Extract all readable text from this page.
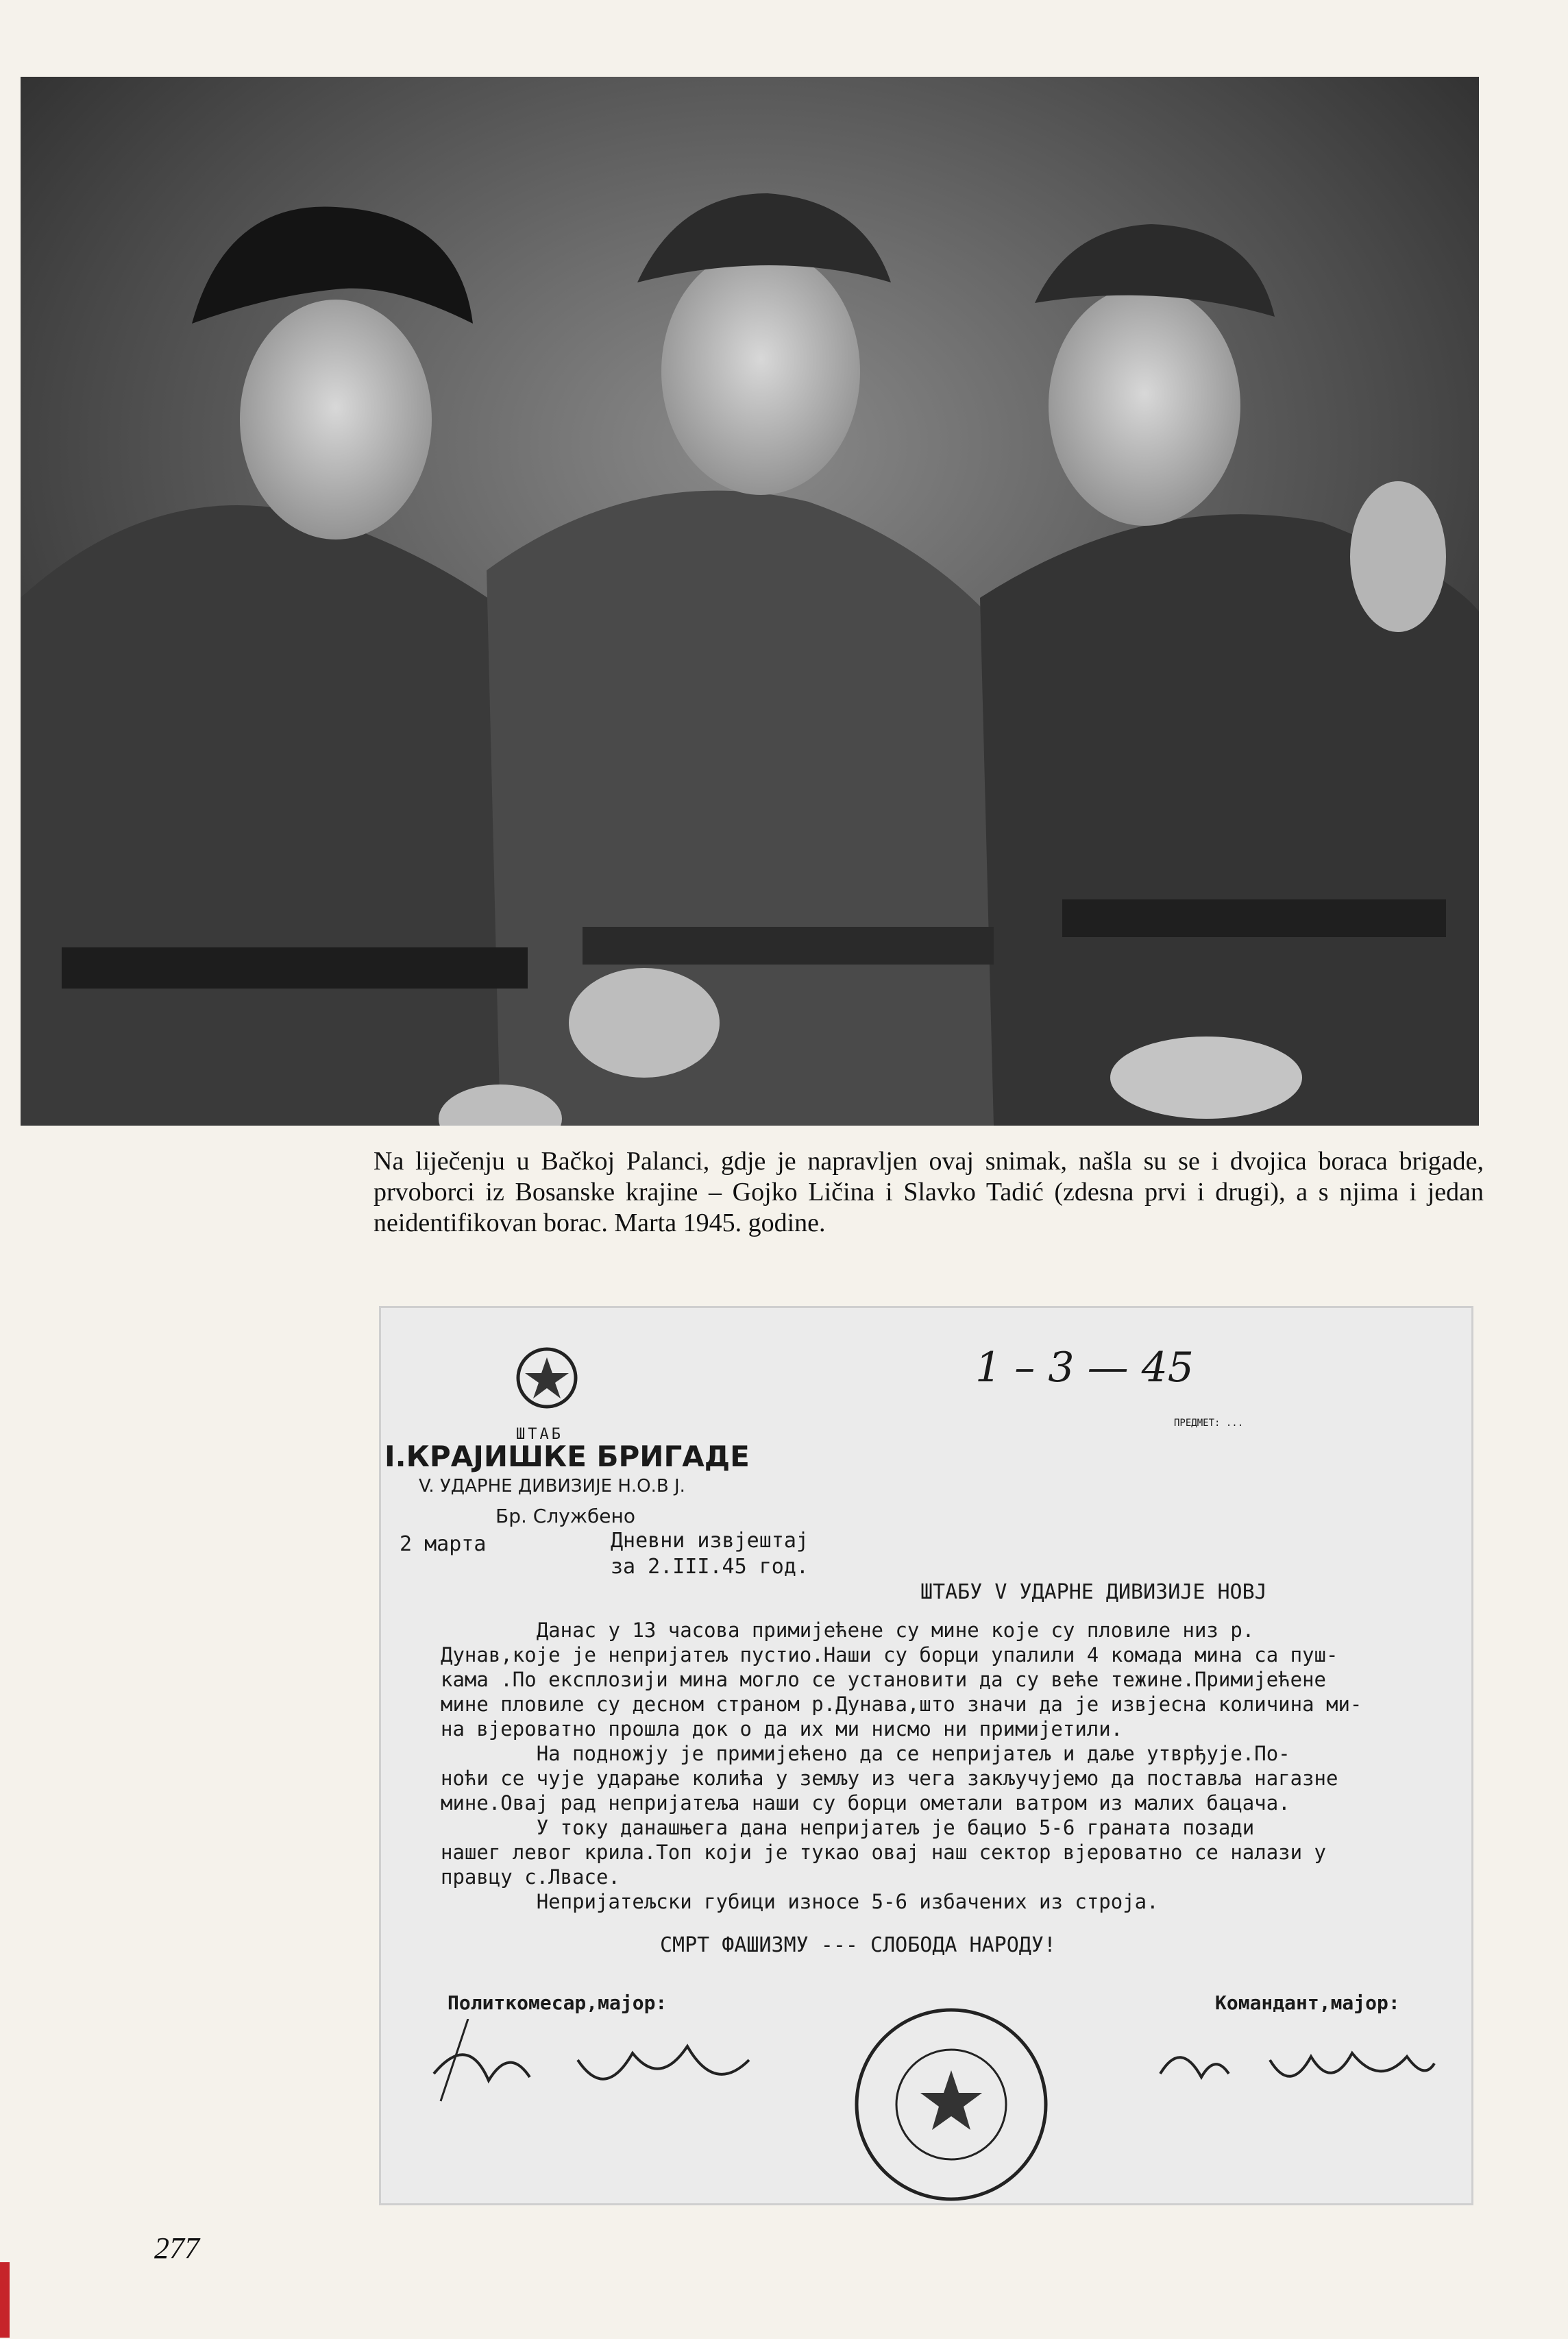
Na liječenju u Bačkoj Palanci, gdje je napravljen ovaj snimak, našla su se i dvojica boraca brigade, prvoborci iz Bosanske krajine – Gojko Ličina i Slavko Tadić (zdesna prvi i drugi), a s njima i jedan neidentifikovan borac. Marta 1945. godine.
1 – 3 — 45
ШТАБ
I.КРАЈИШКЕ БРИГАДЕ
V. УДАРНЕ ДИВИЗИЈЕ Н.О.В Ј.
Бр. Службено
2 марта	Дневни извјештај
за 2.III.45 год.
ПРЕДМЕТ: ...
ШТАБУ V УДАРНЕ ДИВИЗИЈЕ НОВЈ
Данас у 13 часова примијећене су мине које су пловиле низ р.
Дунав,које је непријатељ пустио.Наши су борци упалили 4 комада мина са пуш-
кама .По експлозији мина могло се установити да су веће тежине.Примијећене
мине пловиле су десном страном р.Дунава,што значи да је извјесна количина ми-
на вјероватно прошла док о да их ми нисмо ни примијетили.
На подножју је примијећено да се непријатељ и даље утврђује.По-
ноћи се чује ударање колића у земљу из чега закључујемо да поставља нагазне
мине.Овај рад непријатеља наши су борци ометали ватром из малих бацача.
У току данашњега дана непријатељ је бацио 5-6 граната позади
нашег левог крила.Топ који је тукао овај наш сектор вјероватно се налази у
правцу с.Лвасе.
Непријатељски губици износе 5-6 избачених из строја.
СМРТ ФАШИЗМУ --- СЛОБОДА НАРОДУ!
Политкомесар,мајор:	Командант,мајор:
277
